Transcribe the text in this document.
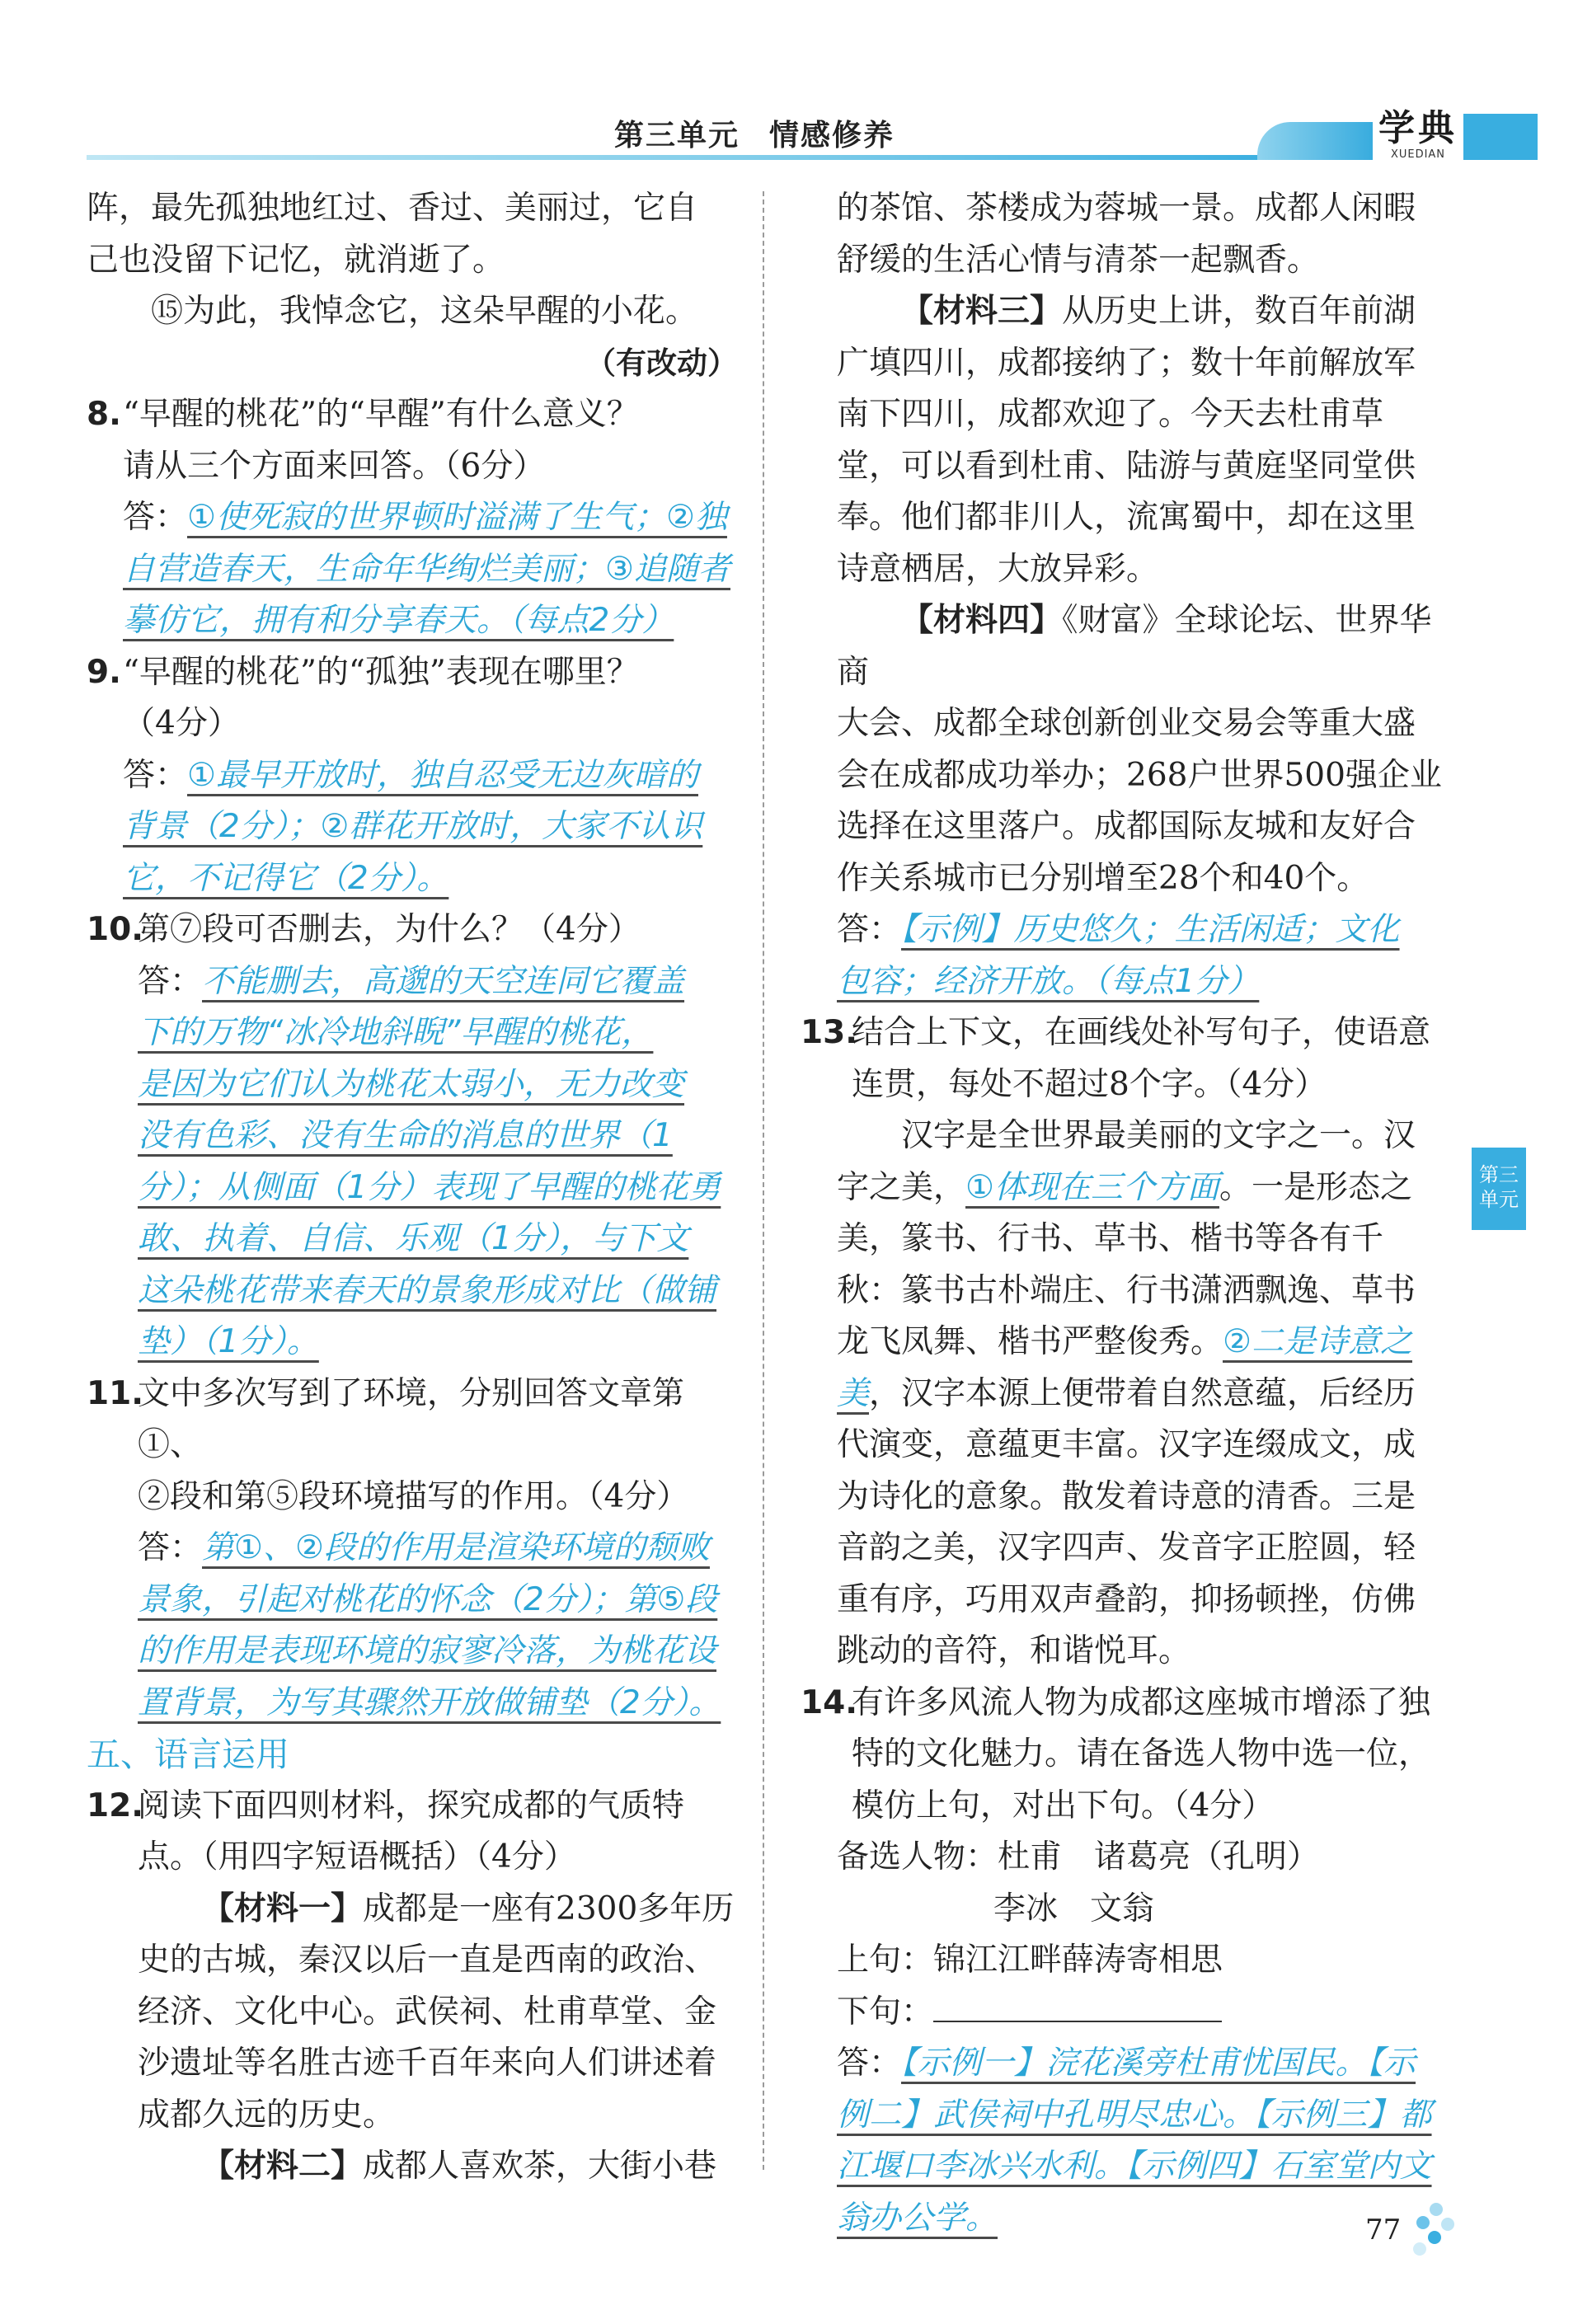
第三单元 情感修养	学典
XUEDIAN

阵，最先孤独地红过、香过、美丽过，它自

己也没留下记忆，就消逝了。

⑮为此，我悼念它，这朵早醒的小花。

（有改动）

8. “早醒的桃花”的“早醒”有什么意义？

请从三个方面来回答。（6分）

答：①使死寂的世界顿时溢满了生气；②独

自营造春天，生命年华绚烂美丽；③追随者

摹仿它，拥有和分享春天。（每点2分）

9. “早醒的桃花”的“孤独”表现在哪里？

（4分）

答：①最早开放时，独自忍受无边灰暗的

背景（2分）；②群花开放时，大家不认识

它，不记得它（2分）。

10.

第⑦段可否删去，为什么？（4分）

答：不能删去，高邈的天空连同它覆盖

下的万物“冰冷地斜睨”早醒的桃花，

是因为它们认为桃花太弱小，无力改变

没有色彩、没有生命的消息的世界（1

分）；从侧面（1分）表现了早醒的桃花勇

敢、执着、自信、乐观（1分），与下文

这朵桃花带来春天的景象形成对比（做铺

垫）（1分）。

11.

文中多次写到了环境，分别回答文章第①、

②段和第⑤段环境描写的作用。（4分）

答：第①、②段的作用是渲染环境的颓败

景象，引起对桃花的怀念（2分）；第⑤段

的作用是表现环境的寂寥冷落，为桃花设

置背景，为写其骤然开放做铺垫（2分）。

五、语言运用

12.

阅读下面四则材料，探究成都的气质特

点。（用四字短语概括）（4分）

【材料一】成都是一座有2300多年历

史的古城，秦汉以后一直是西南的政治、

经济、文化中心。武侯祠、杜甫草堂、金

沙遗址等名胜古迹千百年来向人们讲述着

成都久远的历史。

【材料二】成都人喜欢茶，大街小巷

的茶馆、茶楼成为蓉城一景。成都人闲暇

舒缓的生活心情与清茶一起飘香。

【材料三】从历史上讲，数百年前湖

广填四川，成都接纳了；数十年前解放军

南下四川，成都欢迎了。今天去杜甫草

堂，可以看到杜甫、陆游与黄庭坚同堂供

奉。他们都非川人，流寓蜀中，却在这里

诗意栖居，大放异彩。

【材料四】《财富》全球论坛、世界华商

大会、成都全球创新创业交易会等重大盛

会在成都成功举办；268户世界500强企业

选择在这里落户。成都国际友城和友好合

作关系城市已分别增至28个和40个。

答：【示例】历史悠久；生活闲适；文化

包容；经济开放。（每点1分）

13.

结合上下文，在画线处补写句子，使语意

连贯，每处不超过8个字。（4分）

汉字是全世界最美丽的文字之一。汉

字之美，①体现在三个方面。一是形态之

美，篆书、行书、草书、楷书等各有千

秋：篆书古朴端庄、行书潇洒飘逸、草书

龙飞凤舞、楷书严整俊秀。②二是诗意之

美，汉字本源上便带着自然意蕴，后经历

代演变，意蕴更丰富。汉字连缀成文，成

为诗化的意象。散发着诗意的清香。三是

音韵之美，汉字四声、发音字正腔圆，轻

重有序，巧用双声叠韵，抑扬顿挫，仿佛

跳动的音符，和谐悦耳。

14.

有许多风流人物为成都这座城市增添了独

特的文化魅力。请在备选人物中选一位，

模仿上句，对出下句。（4分）

备选人物：杜甫　诸葛亮（孔明）

李冰　文翁

上句：锦江江畔薛涛寄相思

下句：

答：【示例一】浣花溪旁杜甫忧国民。【示

例二】武侯祠中孔明尽忠心。【示例三】都

江堰口李冰兴水利。【示例四】石室堂内文

翁办公学。

第三
单元
77
